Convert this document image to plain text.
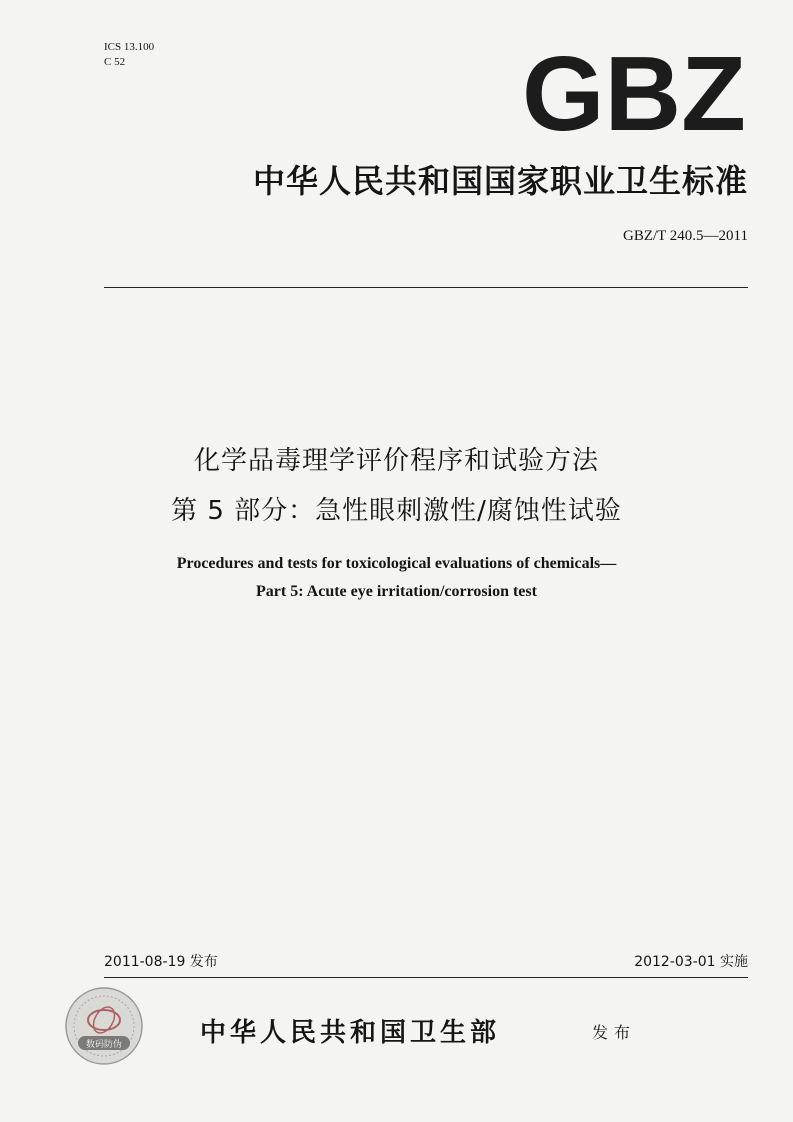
ICS 13.100
C 52	GBZ
中华人民共和国国家职业卫生标准
GBZ/T 240.5—2011
化学品毒理学评价程序和试验方法
第 5 部分：急性眼刺激性/腐蚀性试验
Procedures and tests for toxicological evaluations of chemicals—
Part 5: Acute eye irritation/corrosion test
2011-08-19 发布	2012-03-01 实施
数码防伪	中华人民共和国卫生部	发布
